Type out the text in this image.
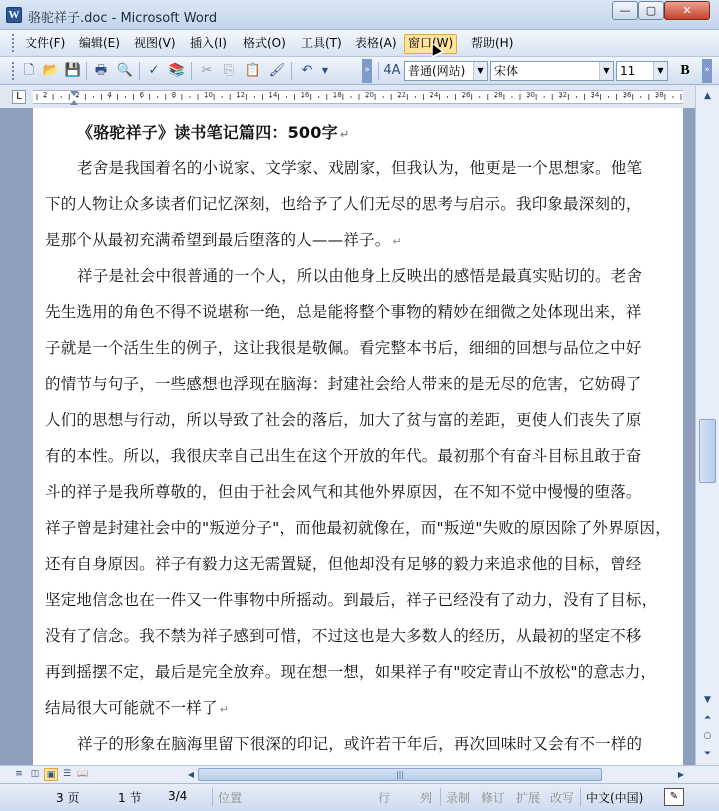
W 骆驼祥子.doc - Microsoft Word
—	▢	✕
文件(F) 编辑(E) 视图(V) 插入(I) 格式(O) 工具(T) 表格(A) 窗口(W)	帮助(H)
🗋 📂 💾 🖶 🔍 ✓ 📚 ✂ ⎘ 📋 🖌 ↶	▼	» 4A 普通(网站)	▼ 宋体	▼ 11	▼	B	»
L	2	2	4	6	8	10	12	14	16	18	20	22	24	26	28	30	32	34	36	38
《骆驼祥子》读书笔记篇四：500字 ↵
老舍是我国着名的小说家、文学家、戏剧家，但我认为，他更是一个思想家。他笔
下的人物让众多读者们记忆深刻，也给予了人们无尽的思考与启示。我印象最深刻的，
是那个从最初充满希望到最后堕落的人——祥子。 ↵
祥子是社会中很普通的一个人，所以由他身上反映出的感悟是最真实贴切的。老舍
先生选用的角色不得不说堪称一绝，总是能将整个事物的精妙在细微之处体现出来，祥
子就是一个活生生的例子，这让我很是敬佩。看完整本书后，细细的回想与品位之中好
的情节与句子，一些感想也浮现在脑海：封建社会给人带来的是无尽的危害，它妨碍了
人们的思想与行动，所以导致了社会的落后，加大了贫与富的差距，更使人们丧失了原
有的本性。所以，我很庆幸自己出生在这个开放的年代。最初那个有奋斗目标且敢于奋
斗的祥子是我所尊敬的，但由于社会风气和其他外界原因，在不知不觉中慢慢的堕落。
祥子曾是封建社会中的"叛逆分子"，而他最初就像在，而"叛逆"失败的原因除了外界原因，
还有自身原因。祥子有毅力这无需置疑，但他却没有足够的毅力来追求他的目标，曾经
坚定地信念也在一件又一件事物中所摇动。到最后，祥子已经没有了动力，没有了目标，
没有了信念。我不禁为祥子感到可惜，不过这也是大多数人的经历，从最初的坚定不移
再到摇摆不定，最后是完全放弃。现在想一想，如果祥子有"咬定青山不放松"的意志力，
结局很大可能就不一样了 ↵
祥子的形象在脑海里留下很深的印记，或许若干年后，再次回味时又会有不一样的
▲
▼
⏶
○
⏷
≡ ◫ ▣ ☰ 📖	◀	|||	▶
3 页	1 节 3/4	位置	行 列 录制 修订 扩展 改写 中文(中国)	✎
